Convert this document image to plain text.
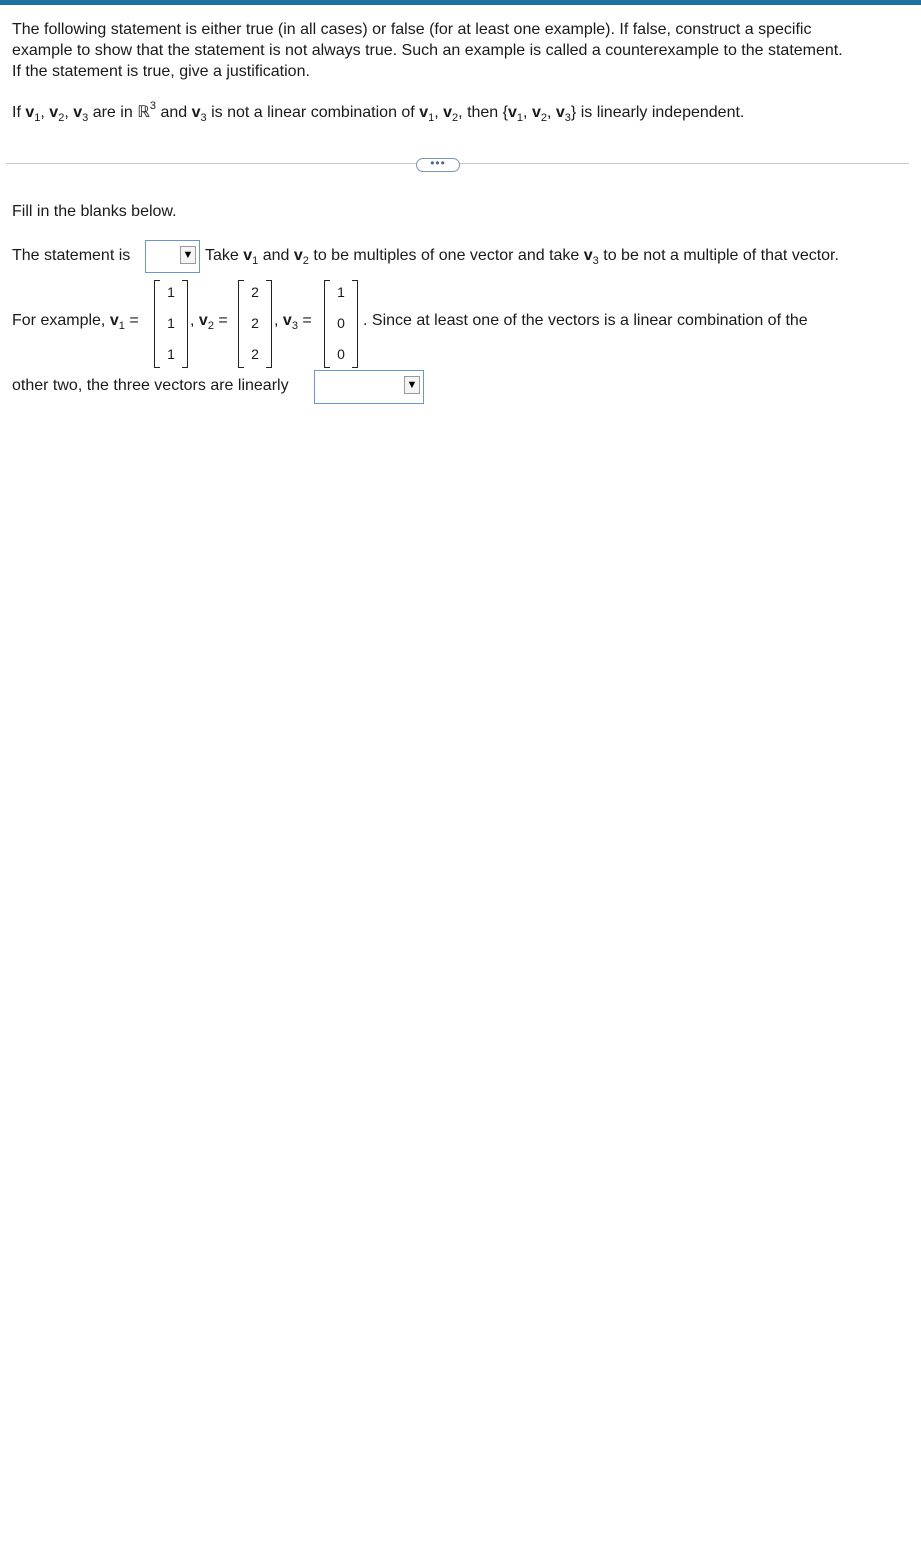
The following statement is either true (in all cases) or false (for at least one example). If false, construct a specific
example to show that the statement is not always true. Such an example is called a counterexample to the statement.
If the statement is true, give a justification.
If $v_1$, $v_2$, $v_3$ are in ℝ$^3$ and $v_3$ is not a linear combination of $v_1$, $v_2$, then {$v_1$, $v_2$, $v_3$} is linearly independent.
•••
Fill in the blanks below.
The statement is	▼ Take $v_1$ and $v_2$ to be multiples of one vector and take $v_3$ to be not a multiple of that vector.
For example, $v_1$ =
1
1
1
, $v_2$ =
2
2
2
, $v_3$ =
1
0
0
. Since at least one of the vectors is a linear combination of the
other two, the three vectors are linearly	▼
